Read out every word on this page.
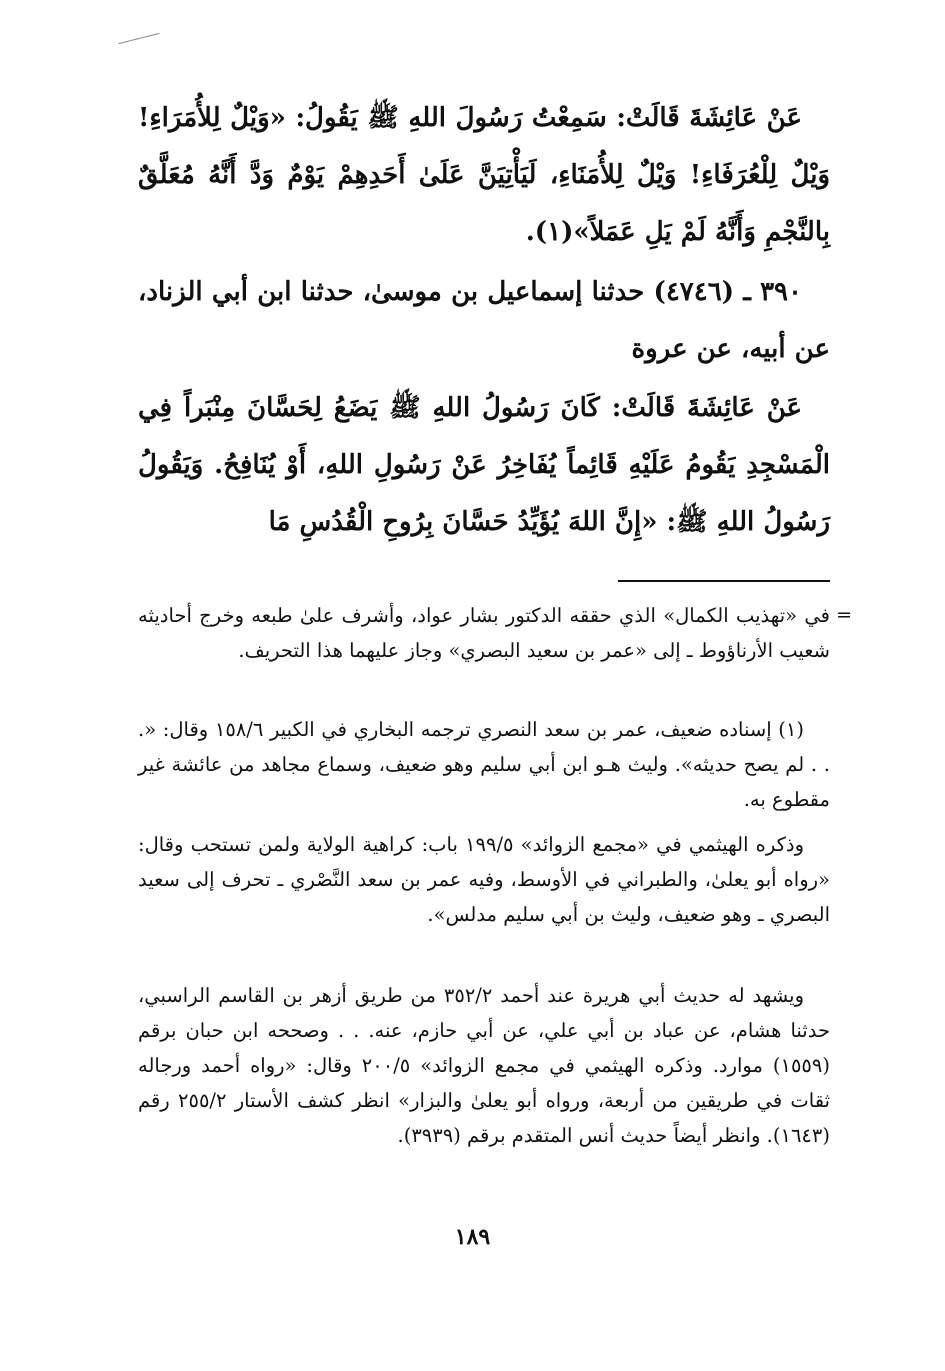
عَنْ عَائِشَةَ قَالَتْ: سَمِعْتُ رَسُولَ اللهِ ﷺ يَقُولُ: «وَيْلٌ لِلأُمَرَاءِ! وَيْلٌ لِلْعُرَفَاءِ! وَيْلٌ لِلأُمَنَاءِ، لَيَأْتِيَنَّ عَلَىٰ أَحَدِهِمْ يَوْمٌ وَدَّ أَنَّهُ مُعَلَّقٌ بِالنَّجْمِ وَأَنَّهُ لَمْ يَلِ عَمَلاً»(١).

٣٩٠ ـ (٤٧٤٦) حدثنا إسماعيل بن موسىٰ، حدثنا ابن أبي الزناد، عن أبيه، عن عروة

عَنْ عَائِشَةَ قَالَتْ: كَانَ رَسُولُ اللهِ ﷺ يَضَعُ لِحَسَّانَ مِنْبَراً فِي الْمَسْجِدِ يَقُومُ عَلَيْهِ قَائِماً يُفَاخِرُ عَنْ رَسُولِ اللهِ، أَوْ يُنَافِحُ. وَيَقُولُ رَسُولُ اللهِ ﷺ: «إِنَّ اللهَ يُؤَيِّدُ حَسَّانَ بِرُوحِ الْقُدُسِ مَا

=

في «تهذيب الكمال» الذي حققه الدكتور بشار عواد، وأشرف علىٰ طبعه وخرج أحاديثه شعيب الأرناؤوط ـ إلى «عمر بن سعيد البصري» وجاز عليهما هذا التحريف.

(١) إسناده ضعيف، عمر بن سعد النصري ترجمه البخاري في الكبير ١٥٨/٦ وقال: «. . . لم يصح حديثه». وليث هـو ابن أبي سليم وهو ضعيف، وسماع مجاهد من عائشة غير مقطوع به.

وذكره الهيثمي في «مجمع الزوائد» ١٩٩/٥ باب: كراهية الولاية ولمن تستحب وقال: «رواه أبو يعلىٰ، والطبراني في الأوسط، وفيه عمر بن سعد النَّصْري ـ تحرف إلى سعيد البصري ـ وهو ضعيف، وليث بن أبي سليم مدلس».

ويشهد له حديث أبي هريرة عند أحمد ٣٥٢/٢ من طريق أزهر بن القاسم الراسبي، حدثنا هشام، عن عباد بن أبي علي، عن أبي حازم، عنه. . . وصححه ابن حبان برقم (١٥٥٩) موارد. وذكره الهيثمي في مجمع الزوائد» ٢٠٠/٥ وقال: «رواه أحمد ورجاله ثقات في طريقين من أربعة، ورواه أبو يعلىٰ والبزار» انظر كشف الأستار ٢٥٥/٢ رقم (١٦٤٣). وانظر أيضاً حديث أنس المتقدم برقم (٣٩٣٩).

١٨٩
